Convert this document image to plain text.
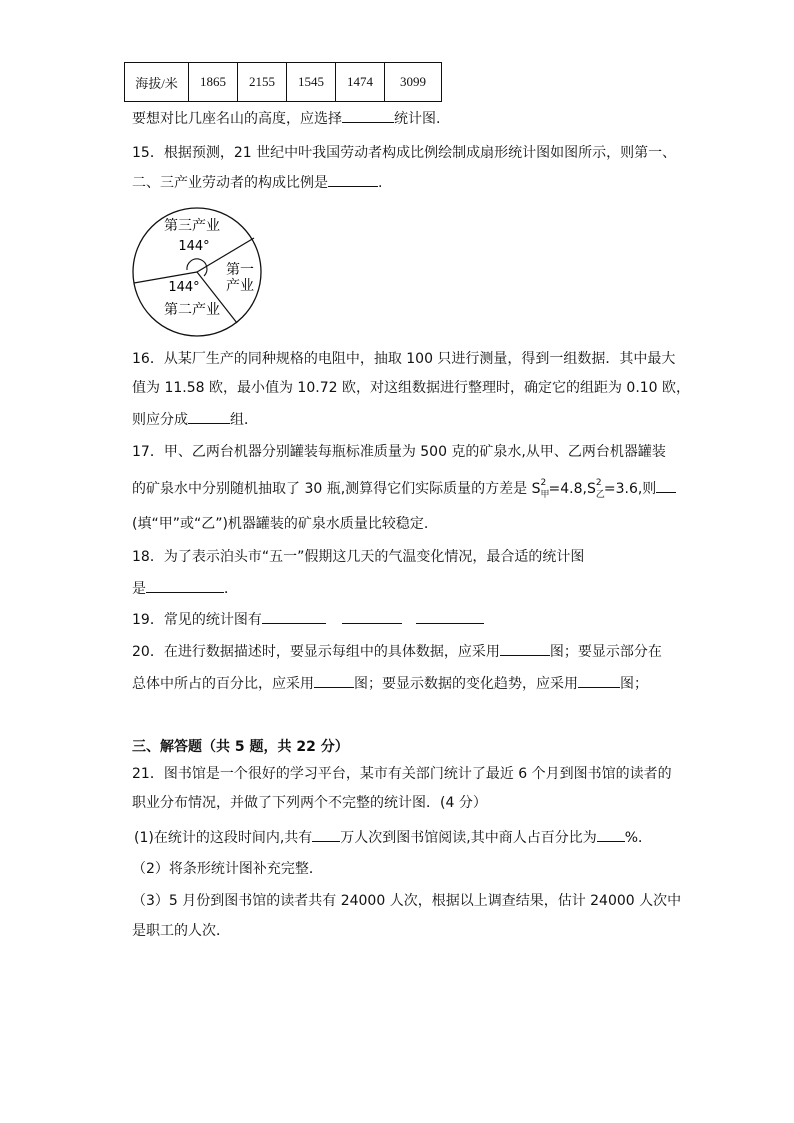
海拔/米	1865	2155	1545	1474	3099
要想对比几座名山的高度，应选择	统计图.
15．根据预测，21 世纪中叶我国劳动者构成比例绘制成扇形统计图如图所示，则第一、
二、三产业劳动者的构成比例是	.
第三产业
144°
144°
第二产业
第一
产业
16．从某厂生产的同种规格的电阻中，抽取 100 只进行测量，得到一组数据．其中最大
值为 11.58 欧，最小值为 10.72 欧，对这组数据进行整理时，确定它的组距为 0.10 欧，
则应分成	组．
17．甲、乙两台机器分别罐装每瓶标准质量为 500 克的矿泉水,从甲、乙两台机器罐装
的矿泉水中分别随机抽取了 30 瓶,测算得它们实际质量的方差是 S 2
甲
=4.8,S 2
乙
=3.6,则
(填“甲”或“乙”)机器罐装的矿泉水质量比较稳定.
18．为了表示泊头市“五一”假期这几天的气温变化情况，最合适的统计图
是	．
19．常见的统计图有
20．在进行数据描述时，要显示每组中的具体数据，应采用	图；要显示部分在
总体中所占的百分比，应采用	图；要显示数据的变化趋势，应采用	图；
三、解答题（共 5 题，共 22 分）
21．图书馆是一个很好的学习平台，某市有关部门统计了最近 6 个月到图书馆的读者的
职业分布情况，并做了下列两个不完整的统计图．(4 分）
(1)在统计的这段时间内,共有 万人次到图书馆阅读,其中商人占百分比为 %．
（2）将条形统计图补充完整．
（3）5 月份到图书馆的读者共有 24000 人次，根据以上调查结果，估计 24000 人次中
是职工的人次．
